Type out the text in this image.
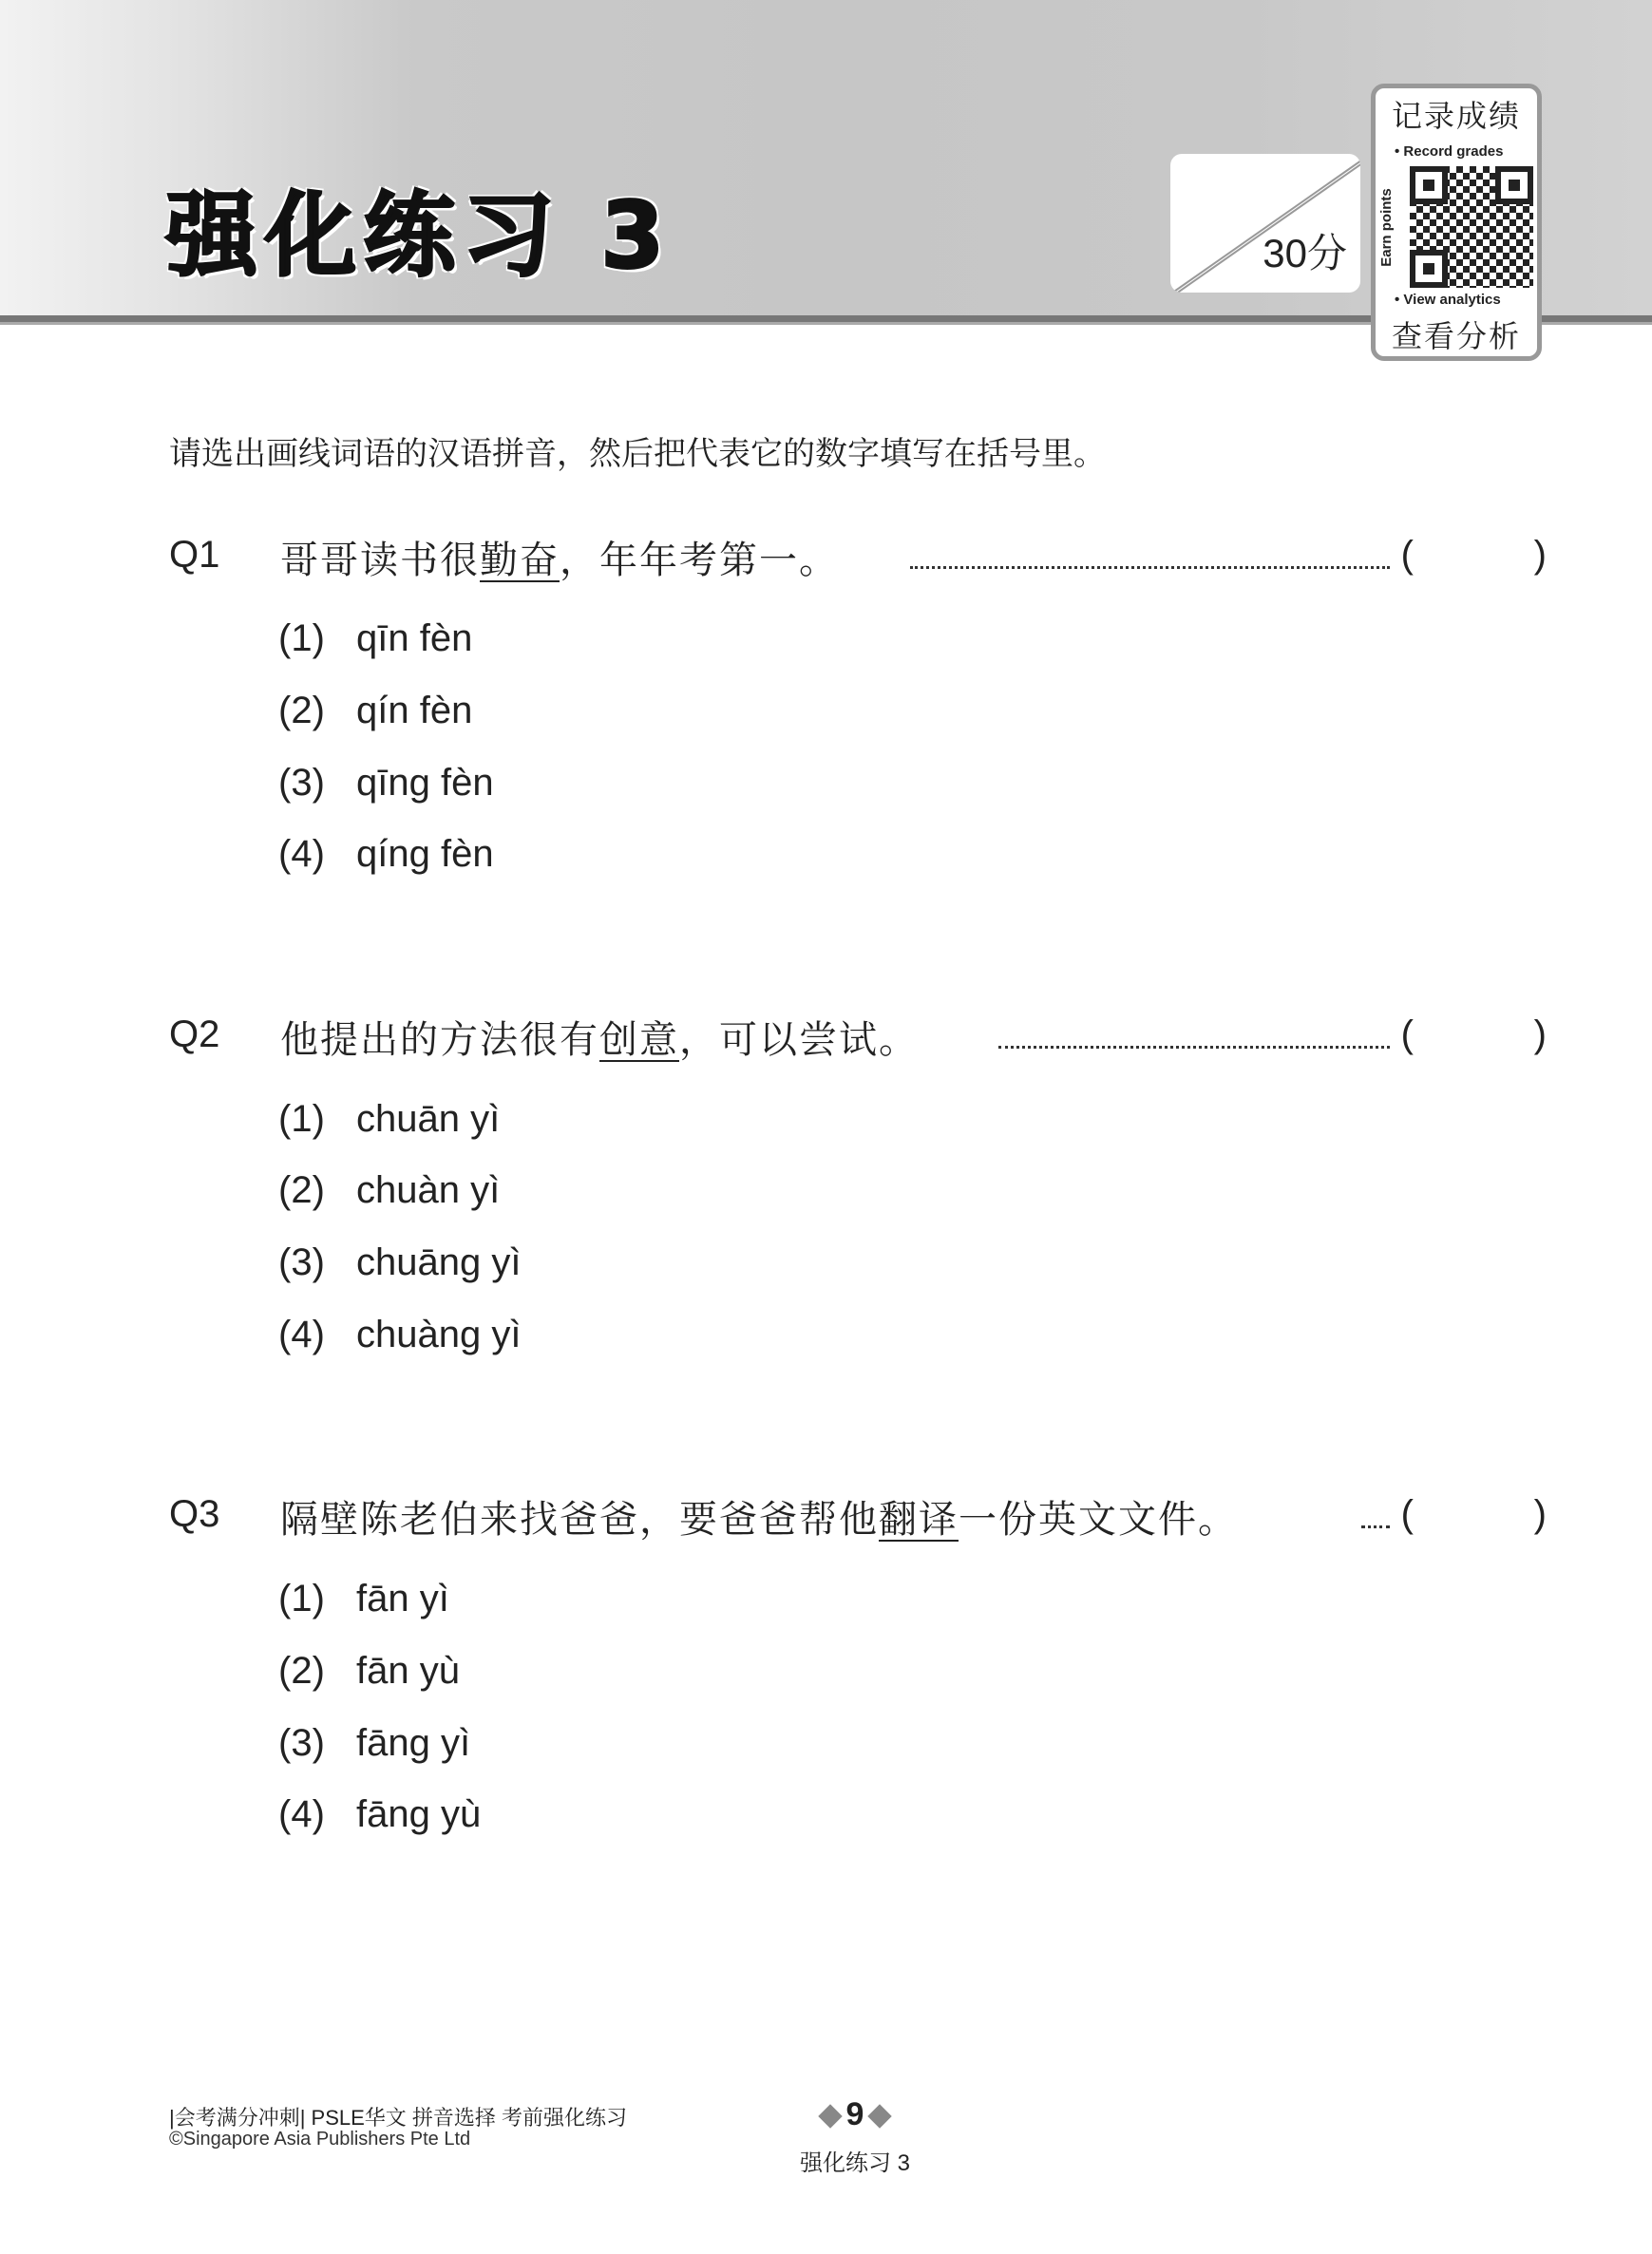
强化练习 3	30分
记录成绩
• Record grades
Earn points
• View analytics
查看分析
请选出画线词语的汉语拼音，然后把代表它的数字填写在括号里。
Q1 哥哥读书很勤奋，年年考第一。	(	)
(1) qīn fèn
(2) qín fèn
(3) qīng fèn
(4) qíng fèn
Q2 他提出的方法很有创意，可以尝试。	(	)
(1) chuān yì
(2) chuàn yì
(3) chuāng yì
(4) chuàng yì
Q3 隔壁陈老伯来找爸爸，要爸爸帮他翻译一份英文文件。	(	)
(1) fān yì
(2) fān yù
(3) fāng yì
(4) fāng yù
|会考满分冲刺| PSLE华文 拼音选择 考前强化练习
©Singapore Asia Publishers Pte Ltd
9
强化练习 3
